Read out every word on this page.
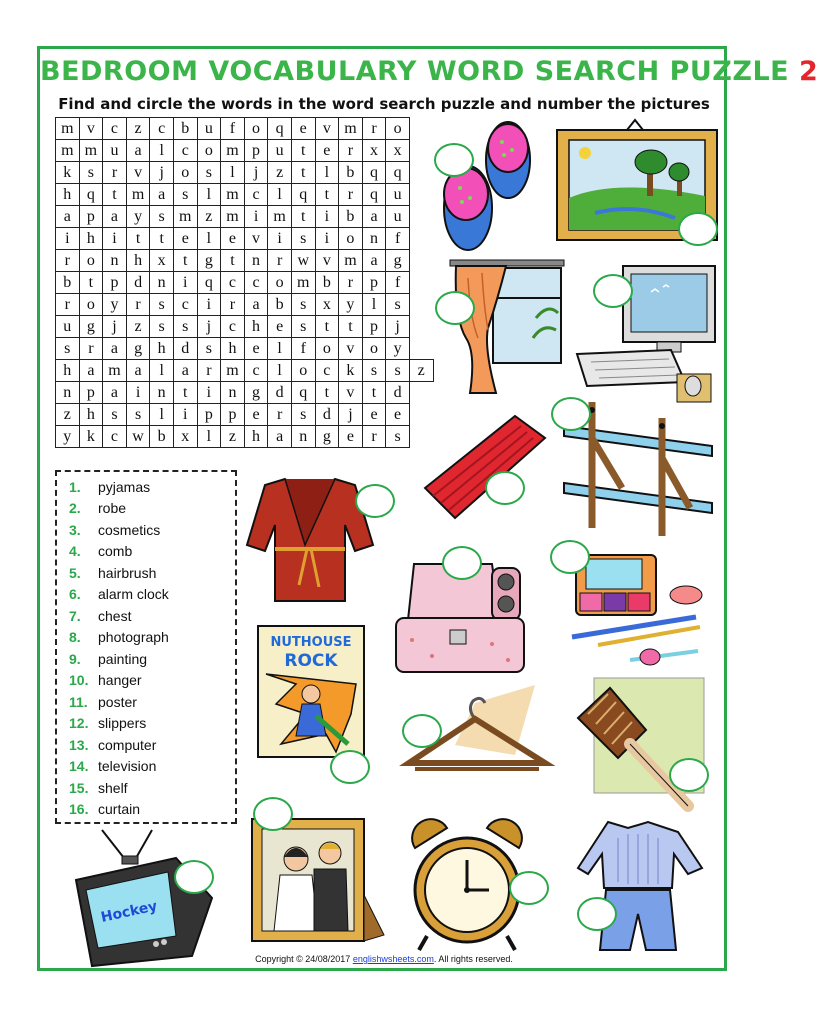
BEDROOM VOCABULARY WORD SEARCH PUZZLE 2
Find and circle the words in the word search puzzle and number the pictures
m	v	c	z	c	b	u	f	o	q	e	v	m	r	o	
m	m	u	a	l	c	o	m	p	u	t	e	r	x	x	
k	s	r	v	j	o	s	l	j	z	t	l	b	q	q	
h	q	t	m	a	s	l	m	c	l	q	t	r	q	u	
a	p	a	y	s	m	z	m	i	m	t	i	b	a	u	
i	h	i	t	t	e	l	e	v	i	s	i	o	n	f	
r	o	n	h	x	t	g	t	n	r	w	v	m	a	g	
b	t	p	d	n	i	q	c	c	o	m	b	r	p	f	
r	o	y	r	s	c	i	r	a	b	s	x	y	l	s	
u	g	j	z	s	s	j	c	h	e	s	t	t	p	j	
s	r	a	g	h	d	s	h	e	l	f	o	v	o	y	
h	a	m	a	l	a	r	m	c	l	o	c	k	s	s	z
n	p	a	i	n	t	i	n	g	d	q	t	v	t	d	
z	h	s	s	l	i	p	p	e	r	s	d	j	e	e	
y	k	c	w	b	x	l	z	h	a	n	g	e	r	s	
1.	pyjamas
2.	robe
3.	cosmetics
4.	comb
5.	hairbrush
6.	alarm clock
7.	chest
8.	photograph
9.	painting
10. hanger
11. poster
12. slippers
13. computer
14. television
15. shelf
16. curtain
NUTHOUSE
ROCK
Hockey
Copyright © 24/08/2017 englishwsheets.com. All rights reserved.
